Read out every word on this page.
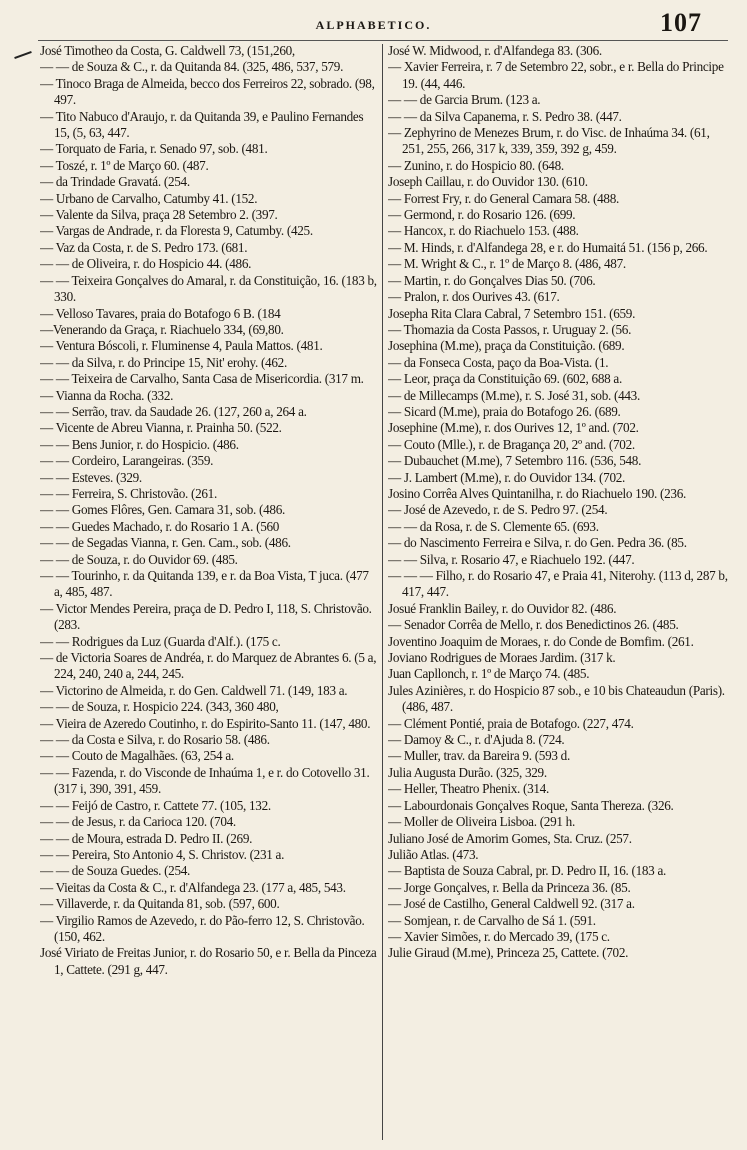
ALPHABETICO.	107
José Timotheo da Costa, G. Caldwell 73, (151,260,
— — de Souza & C., r. da Quitanda 84. (325, 486, 537, 579.
— Tinoco Braga de Almeida, becco dos Ferreiros 22, sobrado. (98, 497.
— Tito Nabuco d'Araujo, r. da Quitanda 39, e Paulino Fernandes 15, (5, 63, 447.
— Torquato de Faria, r. Senado 97, sob. (481.
— Toszé, r. 1º de Março 60. (487.
— da Trindade Gravatá. (254.
— Urbano de Carvalho, Catumby 41. (152.
— Valente da Silva, praça 28 Setembro 2. (397.
— Vargas de Andrade, r. da Floresta 9, Catumby. (425.
— Vaz da Costa, r. de S. Pedro 173. (681.
— — de Oliveira, r. do Hospicio 44. (486.
— — Teixeira Gonçalves do Amaral, r. da Constituição, 16. (183 b, 330.
— Velloso Tavares, praia do Botafogo 6 B. (184
—Venerando da Graça, r. Riachuelo 334, (69,80.
— Ventura Bóscoli, r. Fluminense 4, Paula Mattos. (481.
— — da Silva, r. do Principe 15, Nit' erohy. (462.
— — Teixeira de Carvalho, Santa Casa de Misericordia. (317 m.
— Vianna da Rocha. (332.
— — Serrão, trav. da Saudade 26. (127, 260 a, 264 a.
— Vicente de Abreu Vianna, r. Prainha 50. (522.
— — Bens Junior, r. do Hospicio. (486.
— — Cordeiro, Larangeiras. (359.
— — Esteves. (329.
— — Ferreira, S. Christovão. (261.
— — Gomes Flôres, Gen. Camara 31, sob. (486.
— — Guedes Machado, r. do Rosario 1 A. (560
— — de Segadas Vianna, r. Gen. Cam., sob. (486.
— — de Souza, r. do Ouvidor 69. (485.
— — Tourinho, r. da Quitanda 139, e r. da Boa Vista, T juca. (477 a, 485, 487.
— Victor Mendes Pereira, praça de D. Pedro I, 118, S. Christovão. (283.
— — Rodrigues da Luz (Guarda d'Alf.). (175 c.
— de Victoria Soares de Andréa, r. do Marquez de Abrantes 6. (5 a, 224, 240, 240 a, 244, 245.
— Victorino de Almeida, r. do Gen. Caldwell 71. (149, 183 a.
— — de Souza, r. Hospicio 224. (343, 360 480,
— Vieira de Azeredo Coutinho, r. do Espirito-Santo 11. (147, 480.
— — da Costa e Silva, r. do Rosario 58. (486.
— — Couto de Magalhães. (63, 254 a.
— — Fazenda, r. do Visconde de Inhaúma 1, e r. do Cotovello 31. (317 i, 390, 391, 459.
— — Feijó de Castro, r. Cattete 77. (105, 132.
— — de Jesus, r. da Carioca 120. (704.
— — de Moura, estrada D. Pedro II. (269.
— — Pereira, Sto Antonio 4, S. Christov. (231 a.
— — de Souza Guedes. (254.
— Vieitas da Costa & C., r. d'Alfandega 23. (177 a, 485, 543.
— Villaverde, r. da Quitanda 81, sob. (597, 600.
— Virgilio Ramos de Azevedo, r. do Pão-ferro 12, S. Christovão. (150, 462.
José Viriato de Freitas Junior, r. do Rosario 50, e r. Bella da Pinceza 1, Cattete. (291 g, 447.
José W. Midwood, r. d'Alfandega 83. (306.
— Xavier Ferreira, r. 7 de Setembro 22, sobr., e r. Bella do Principe 19. (44, 446.
— — de Garcia Brum. (123 a.
— — da Silva Capanema, r. S. Pedro 38. (447.
— Zephyrino de Menezes Brum, r. do Visc. de Inhaúma 34. (61, 251, 255, 266, 317 k, 339, 359, 392 g, 459.
— Zunino, r. do Hospicio 80. (648.
Joseph Caillau, r. do Ouvidor 130. (610.
— Forrest Fry, r. do General Camara 58. (488.
— Germond, r. do Rosario 126. (699.
— Hancox, r. do Riachuelo 153. (488.
— M. Hinds, r. d'Alfandega 28, e r. do Humaitá 51. (156 p, 266.
— M. Wright & C., r. 1º de Março 8. (486, 487.
— Martin, r. do Gonçalves Dias 50. (706.
— Pralon, r. dos Ourives 43. (617.
Josepha Rita Clara Cabral, 7 Setembro 151. (659.
— Thomazia da Costa Passos, r. Uruguay 2. (56.
Josephina (M.me), praça da Constituição. (689.
— da Fonseca Costa, paço da Boa-Vista. (1.
— Leor, praça da Constituição 69. (602, 688 a.
— de Millecamps (M.me), r. S. José 31, sob. (443.
— Sicard (M.me), praia do Botafogo 26. (689.
Josephine (M.me), r. dos Ourives 12, 1º and. (702.
— Couto (Mlle.), r. de Bragança 20, 2º and. (702.
— Dubauchet (M.me), 7 Setembro 116. (536, 548.
— J. Lambert (M.me), r. do Ouvidor 134. (702.
Josino Corrêa Alves Quintanilha, r. do Riachuelo 190. (236.
— José de Azevedo, r. de S. Pedro 97. (254.
— — da Rosa, r. de S. Clemente 65. (693.
— do Nascimento Ferreira e Silva, r. do Gen. Pedra 36. (85.
— — Silva, r. Rosario 47, e Riachuelo 192. (447.
— — — Filho, r. do Rosario 47, e Praia 41, Niterohy. (113 d, 287 b, 417, 447.
Josué Franklin Bailey, r. do Ouvidor 82. (486.
— Senador Corrêa de Mello, r. dos Benedictinos 26. (485.
Joventino Joaquim de Moraes, r. do Conde de Bomfim. (261.
Joviano Rodrigues de Moraes Jardim. (317 k.
Juan Capllonch, r. 1º de Março 74. (485.
Jules Azinières, r. do Hospicio 87 sob., e 10 bis Chateaudun (Paris). (486, 487.
— Clément Pontié, praia de Botafogo. (227, 474.
— Damoy & C., r. d'Ajuda 8. (724.
— Muller, trav. da Bareira 9. (593 d.
Julia Augusta Durão. (325, 329.
— Heller, Theatro Phenix. (314.
— Labourdonais Gonçalves Roque, Santa Thereza. (326.
— Moller de Oliveira Lisboa. (291 h.
Juliano José de Amorim Gomes, Sta. Cruz. (257.
Julião Atlas. (473.
— Baptista de Souza Cabral, pr. D. Pedro II, 16. (183 a.
— Jorge Gonçalves, r. Bella da Princeza 36. (85.
— José de Castilho, General Caldwell 92. (317 a.
— Somjean, r. de Carvalho de Sá 1. (591.
— Xavier Simões, r. do Mercado 39, (175 c.
Julie Giraud (M.me), Princeza 25, Cattete. (702.
